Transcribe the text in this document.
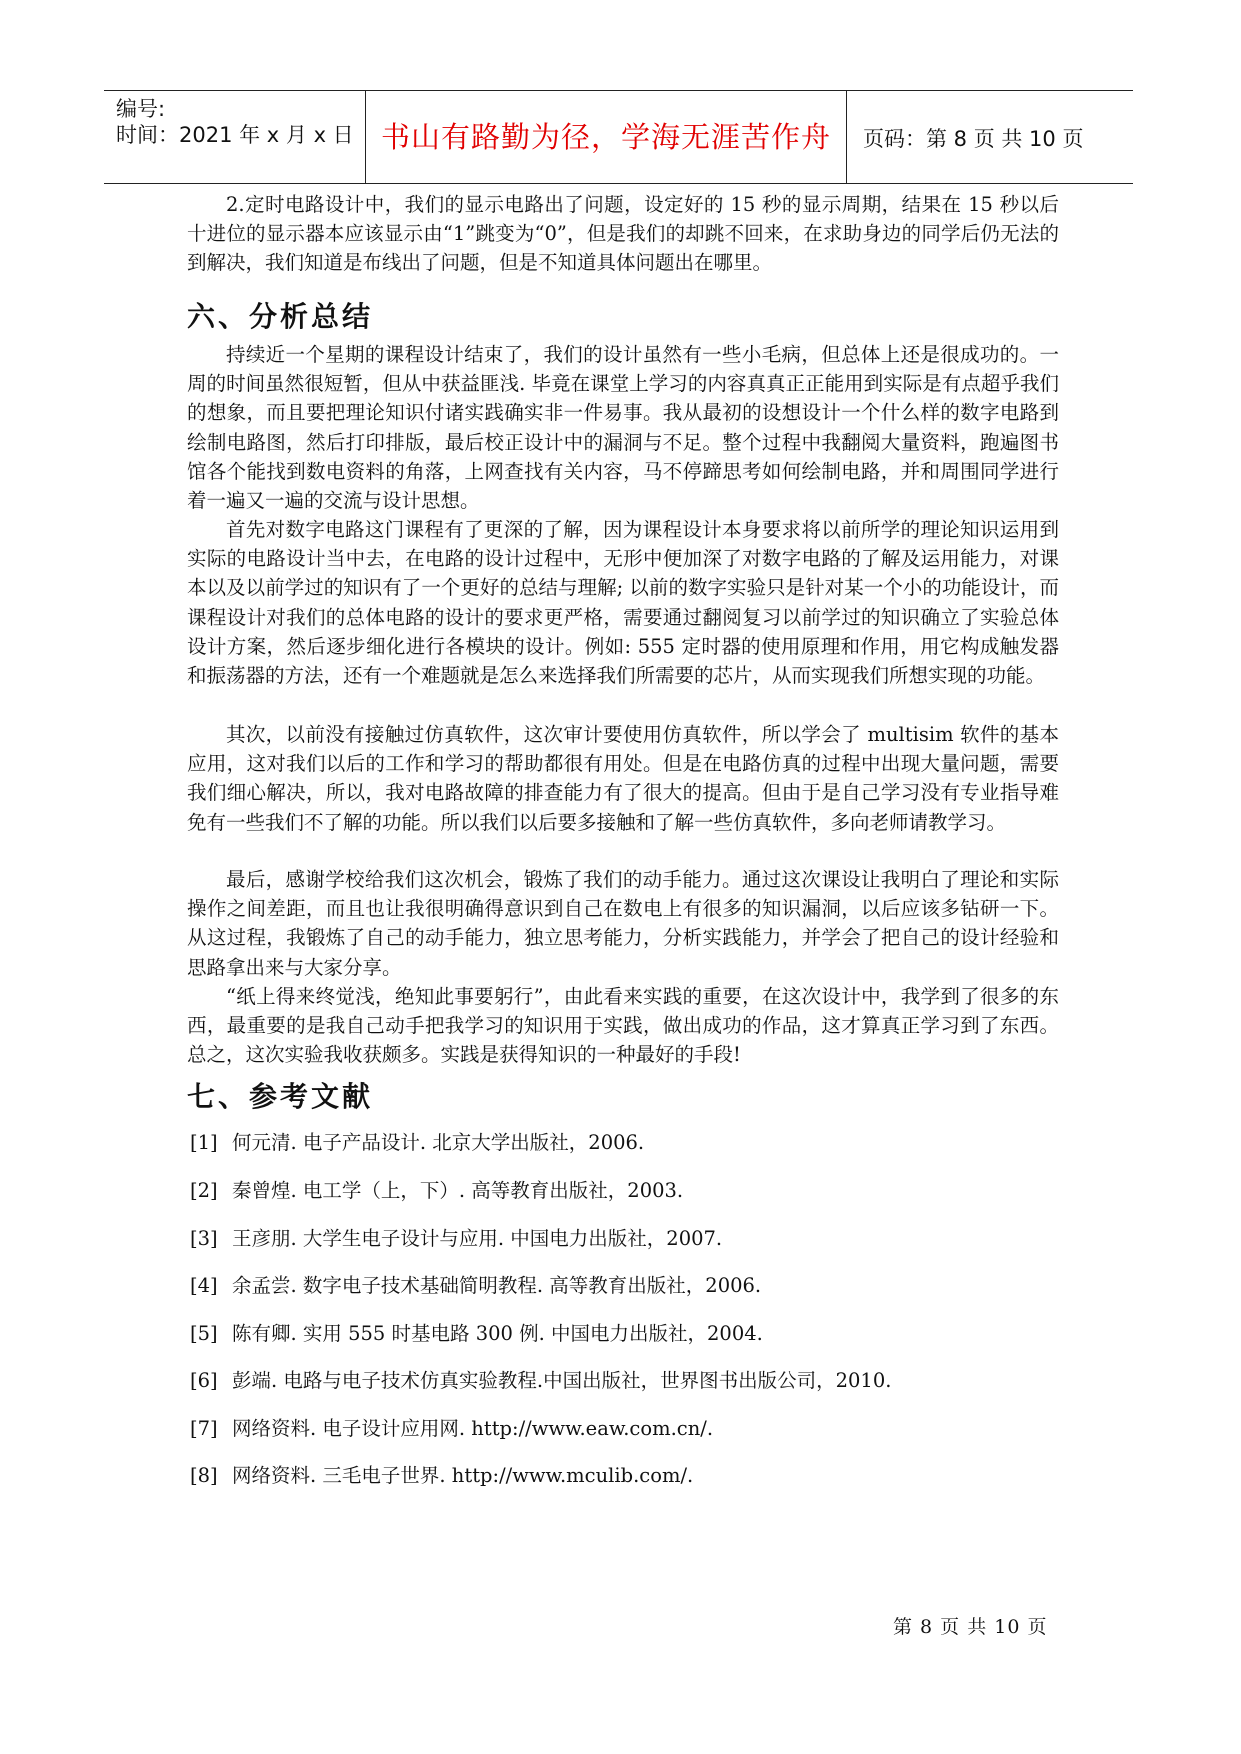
编号:
时间：2021 年 x 月 x 日 书山有路勤为径，学海无涯苦作舟	页码：第 8 页 共 10 页

2.定时电路设计中，我们的显示电路出了问题，设定好的 15 秒的显示周期，结果在 15 秒以后十进位的显示器本应该显示由“1”跳变为“0”，但是我们的却跳不回来，在求助身边的同学后仍无法的到解决，我们知道是布线出了问题，但是不知道具体问题出在哪里。

六、分析总结

持续近一个星期的课程设计结束了，我们的设计虽然有一些小毛病，但总体上还是很成功的。一周的时间虽然很短暂，但从中获益匪浅. 毕竟在课堂上学习的内容真真正正能用到实际是有点超乎我们的想象，而且要把理论知识付诸实践确实非一件易事。我从最初的设想设计一个什么样的数字电路到绘制电路图，然后打印排版，最后校正设计中的漏洞与不足。整个过程中我翻阅大量资料，跑遍图书馆各个能找到数电资料的角落，上网查找有关内容，马不停蹄思考如何绘制电路，并和周围同学进行着一遍又一遍的交流与设计思想。

首先对数字电路这门课程有了更深的了解，因为课程设计本身要求将以前所学的理论知识运用到实际的电路设计当中去，在电路的设计过程中，无形中便加深了对数字电路的了解及运用能力，对课本以及以前学过的知识有了一个更好的总结与理解; 以前的数字实验只是针对某一个小的功能设计，而课程设计对我们的总体电路的设计的要求更严格，需要通过翻阅复习以前学过的知识确立了实验总体设计方案，然后逐步细化进行各模块的设计。例如: 555 定时器的使用原理和作用，用它构成触发器和振荡器的方法，还有一个难题就是怎么来选择我们所需要的芯片，从而实现我们所想实现的功能。

其次，以前没有接触过仿真软件，这次审计要使用仿真软件，所以学会了 multisim 软件的基本应用，这对我们以后的工作和学习的帮助都很有用处。但是在电路仿真的过程中出现大量问题，需要我们细心解决，所以，我对电路故障的排查能力有了很大的提高。但由于是自己学习没有专业指导难免有一些我们不了解的功能。所以我们以后要多接触和了解一些仿真软件，多向老师请教学习。

最后，感谢学校给我们这次机会，锻炼了我们的动手能力。通过这次课设让我明白了理论和实际操作之间差距，而且也让我很明确得意识到自己在数电上有很多的知识漏洞，以后应该多钻研一下。从这过程，我锻炼了自己的动手能力，独立思考能力，分析实践能力，并学会了把自己的设计经验和思路拿出来与大家分享。

“纸上得来终觉浅，绝知此事要躬行”，由此看来实践的重要，在这次设计中，我学到了很多的东西，最重要的是我自己动手把我学习的知识用于实践，做出成功的作品，这才算真正学习到了东西。总之，这次实验我收获颇多。实践是获得知识的一种最好的手段!

七、参考文献
[1] 何元清. 电子产品设计. 北京大学出版社，2006.
[2] 秦曾煌. 电工学（上，下）. 高等教育出版社，2003.
[3] 王彦朋. 大学生电子设计与应用. 中国电力出版社，2007.
[4] 余孟尝. 数字电子技术基础简明教程. 高等教育出版社，2006.
[5] 陈有卿. 实用 555 时基电路 300 例. 中国电力出版社，2004.
[6] 彭端. 电路与电子技术仿真实验教程.中国出版社，世界图书出版公司，2010.
[7] 网络资料. 电子设计应用网. http://www.eaw.com.cn/.
[8] 网络资料. 三毛电子世界. http://www.mculib.com/.
第 8 页 共 10 页
